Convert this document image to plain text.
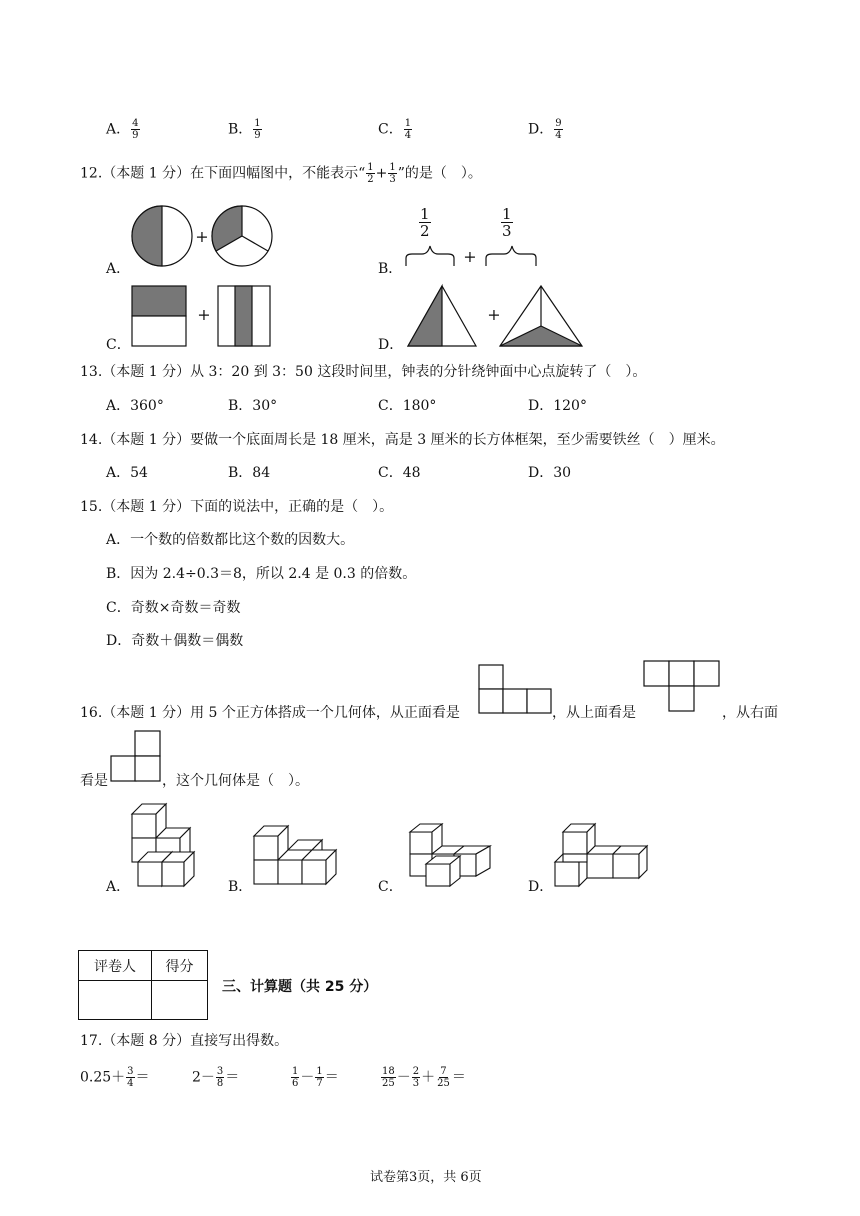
A． $\frac{4}{9}$	B． $\frac{1}{9}$	C． $\frac{1}{4}$	D． $\frac{9}{4}$
12.（本题 1 分）在下面四幅图中，不能表示“ $\frac{1}{2} + \frac{1}{3}$ ”的是（　）。
A．
+
B．
$\frac{1}{2}$	$\frac{1}{3}$
+
C．
+
D．
+
13.（本题 1 分）从 3：20 到 3：50 这段时间里，钟表的分针绕钟面中心点旋转了（　）。
A．360°	B．30°	C．180°	D．120°
14.（本题 1 分）要做一个底面周长是 18 厘米，高是 3 厘米的长方体框架，至少需要铁丝（　）厘米。
A．54	B．84	C．48	D．30
15.（本题 1 分）下面的说法中，正确的是（　）。
A．一个数的倍数都比这个数的因数大。
B．因为 2.4÷0.3＝8，所以 2.4 是 0.3 的倍数。
C．奇数×奇数＝奇数
D．奇数＋偶数＝偶数
16.（本题 1 分）用 5 个正方体搭成一个几何体，从正面看是	，从上面看是	，从右面
看是	，这个几何体是（　）。
A．	B．	C．	D．
评卷人	得分

三、计算题（共 25 分）
17.（本题 8 分）直接写出得数。
$0.25+ \frac{3}{4}$ ＝	$2- \frac{3}{8}$ ＝	$\frac{1}{6} - \frac{1}{7}$ ＝	$\frac{18}{25} - \frac{2}{3} + \frac{7}{25}$ ＝
试卷第3页，共 6页
